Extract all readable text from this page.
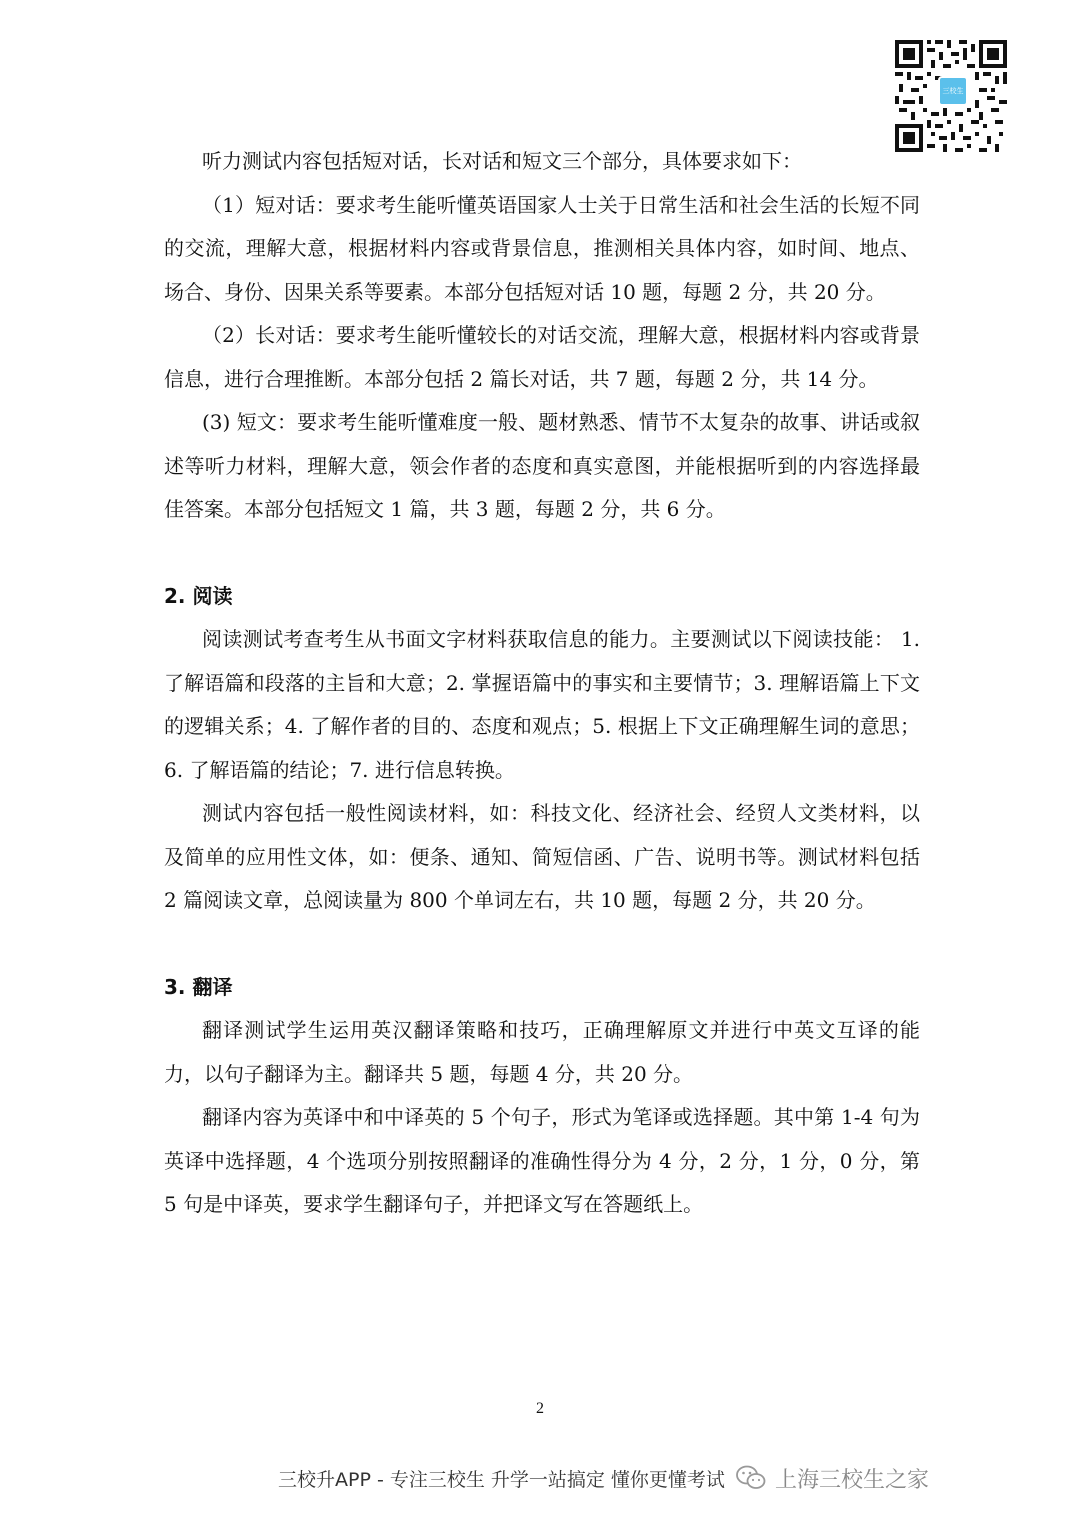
三校生

听力测试内容包括短对话，长对话和短文三个部分，具体要求如下：

（1）短对话：要求考生能听懂英语国家人士关于日常生活和社会生活的长短不同的交流，理解大意，根据材料内容或背景信息，推测相关具体内容，如时间、地点、场合、身份、因果关系等要素。本部分包括短对话 10 题，每题 2 分，共 20 分。

（2）长对话：要求考生能听懂较长的对话交流，理解大意，根据材料内容或背景信息，进行合理推断。本部分包括 2 篇长对话，共 7 题，每题 2 分，共 14 分。

(3) 短文：要求考生能听懂难度一般、题材熟悉、情节不太复杂的故事、讲话或叙述等听力材料，理解大意，领会作者的态度和真实意图，并能根据听到的内容选择最佳答案。本部分包括短文 1 篇，共 3 题，每题 2 分，共 6 分。

2. 阅读

阅读测试考查考生从书面文字材料获取信息的能力。主要测试以下阅读技能： 1. 了解语篇和段落的主旨和大意；2. 掌握语篇中的事实和主要情节；3. 理解语篇上下文的逻辑关系；4. 了解作者的目的、态度和观点；5. 根据上下文正确理解生词的意思；6. 了解语篇的结论；7. 进行信息转换。

测试内容包括一般性阅读材料，如：科技文化、经济社会、经贸人文类材料，以及简单的应用性文体，如：便条、通知、简短信函、广告、说明书等。测试材料包括 2 篇阅读文章，总阅读量为 800 个单词左右，共 10 题，每题 2 分，共 20 分。

3. 翻译

翻译测试学生运用英汉翻译策略和技巧，正确理解原文并进行中英文互译的能力，以句子翻译为主。翻译共 5 题，每题 4 分，共 20 分。

翻译内容为英译中和中译英的 5 个句子，形式为笔译或选择题。其中第 1-4 句为英译中选择题，4 个选项分别按照翻译的准确性得分为 4 分，2 分，1 分，0 分，第 5 句是中译英，要求学生翻译句子，并把译文写在答题纸上。

2
三校升APP - 专注三校生 升学一站搞定 懂你更懂考试 上海三校生之家
